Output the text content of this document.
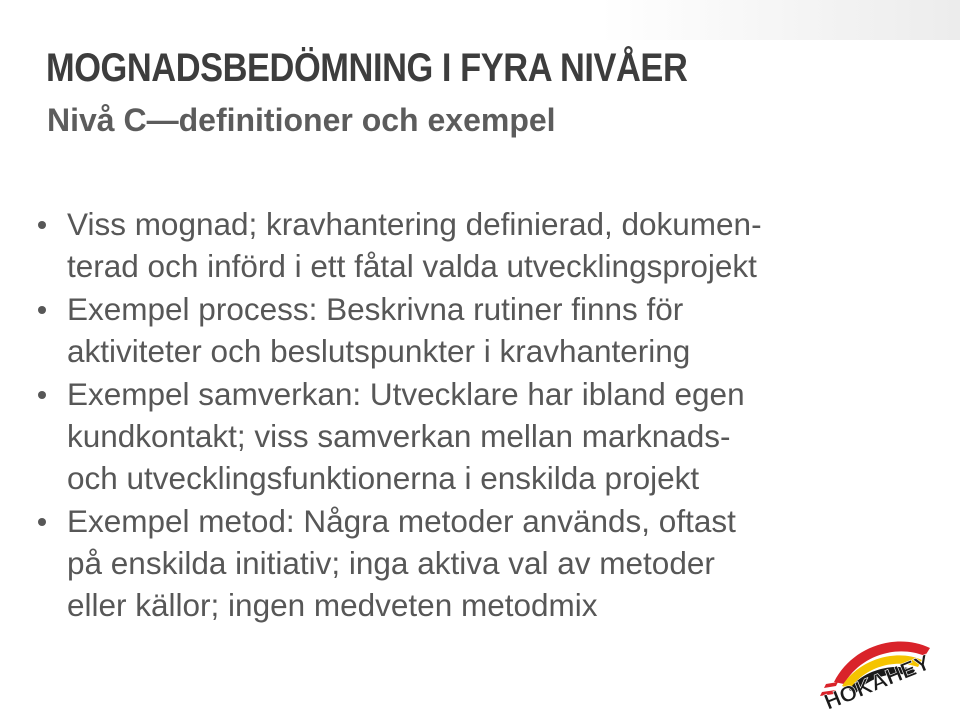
MOGNADSBEDÖMNING I FYRA NIVÅER
Nivå C—definitioner och exempel
Viss mognad; kravhantering definierad, dokumen-
terad och införd i ett fåtal valda utvecklingsprojekt
Exempel process: Beskrivna rutiner finns för
aktiviteter och beslutspunkter i kravhantering
Exempel samverkan: Utvecklare har ibland egen
kundkontakt; viss samverkan mellan marknads-
och utvecklingsfunktionerna i enskilda projekt
Exempel metod: Några metoder används, oftast
på enskilda initiativ; inga aktiva val av metoder
eller källor; ingen medveten metodmix
HOKAHEY
